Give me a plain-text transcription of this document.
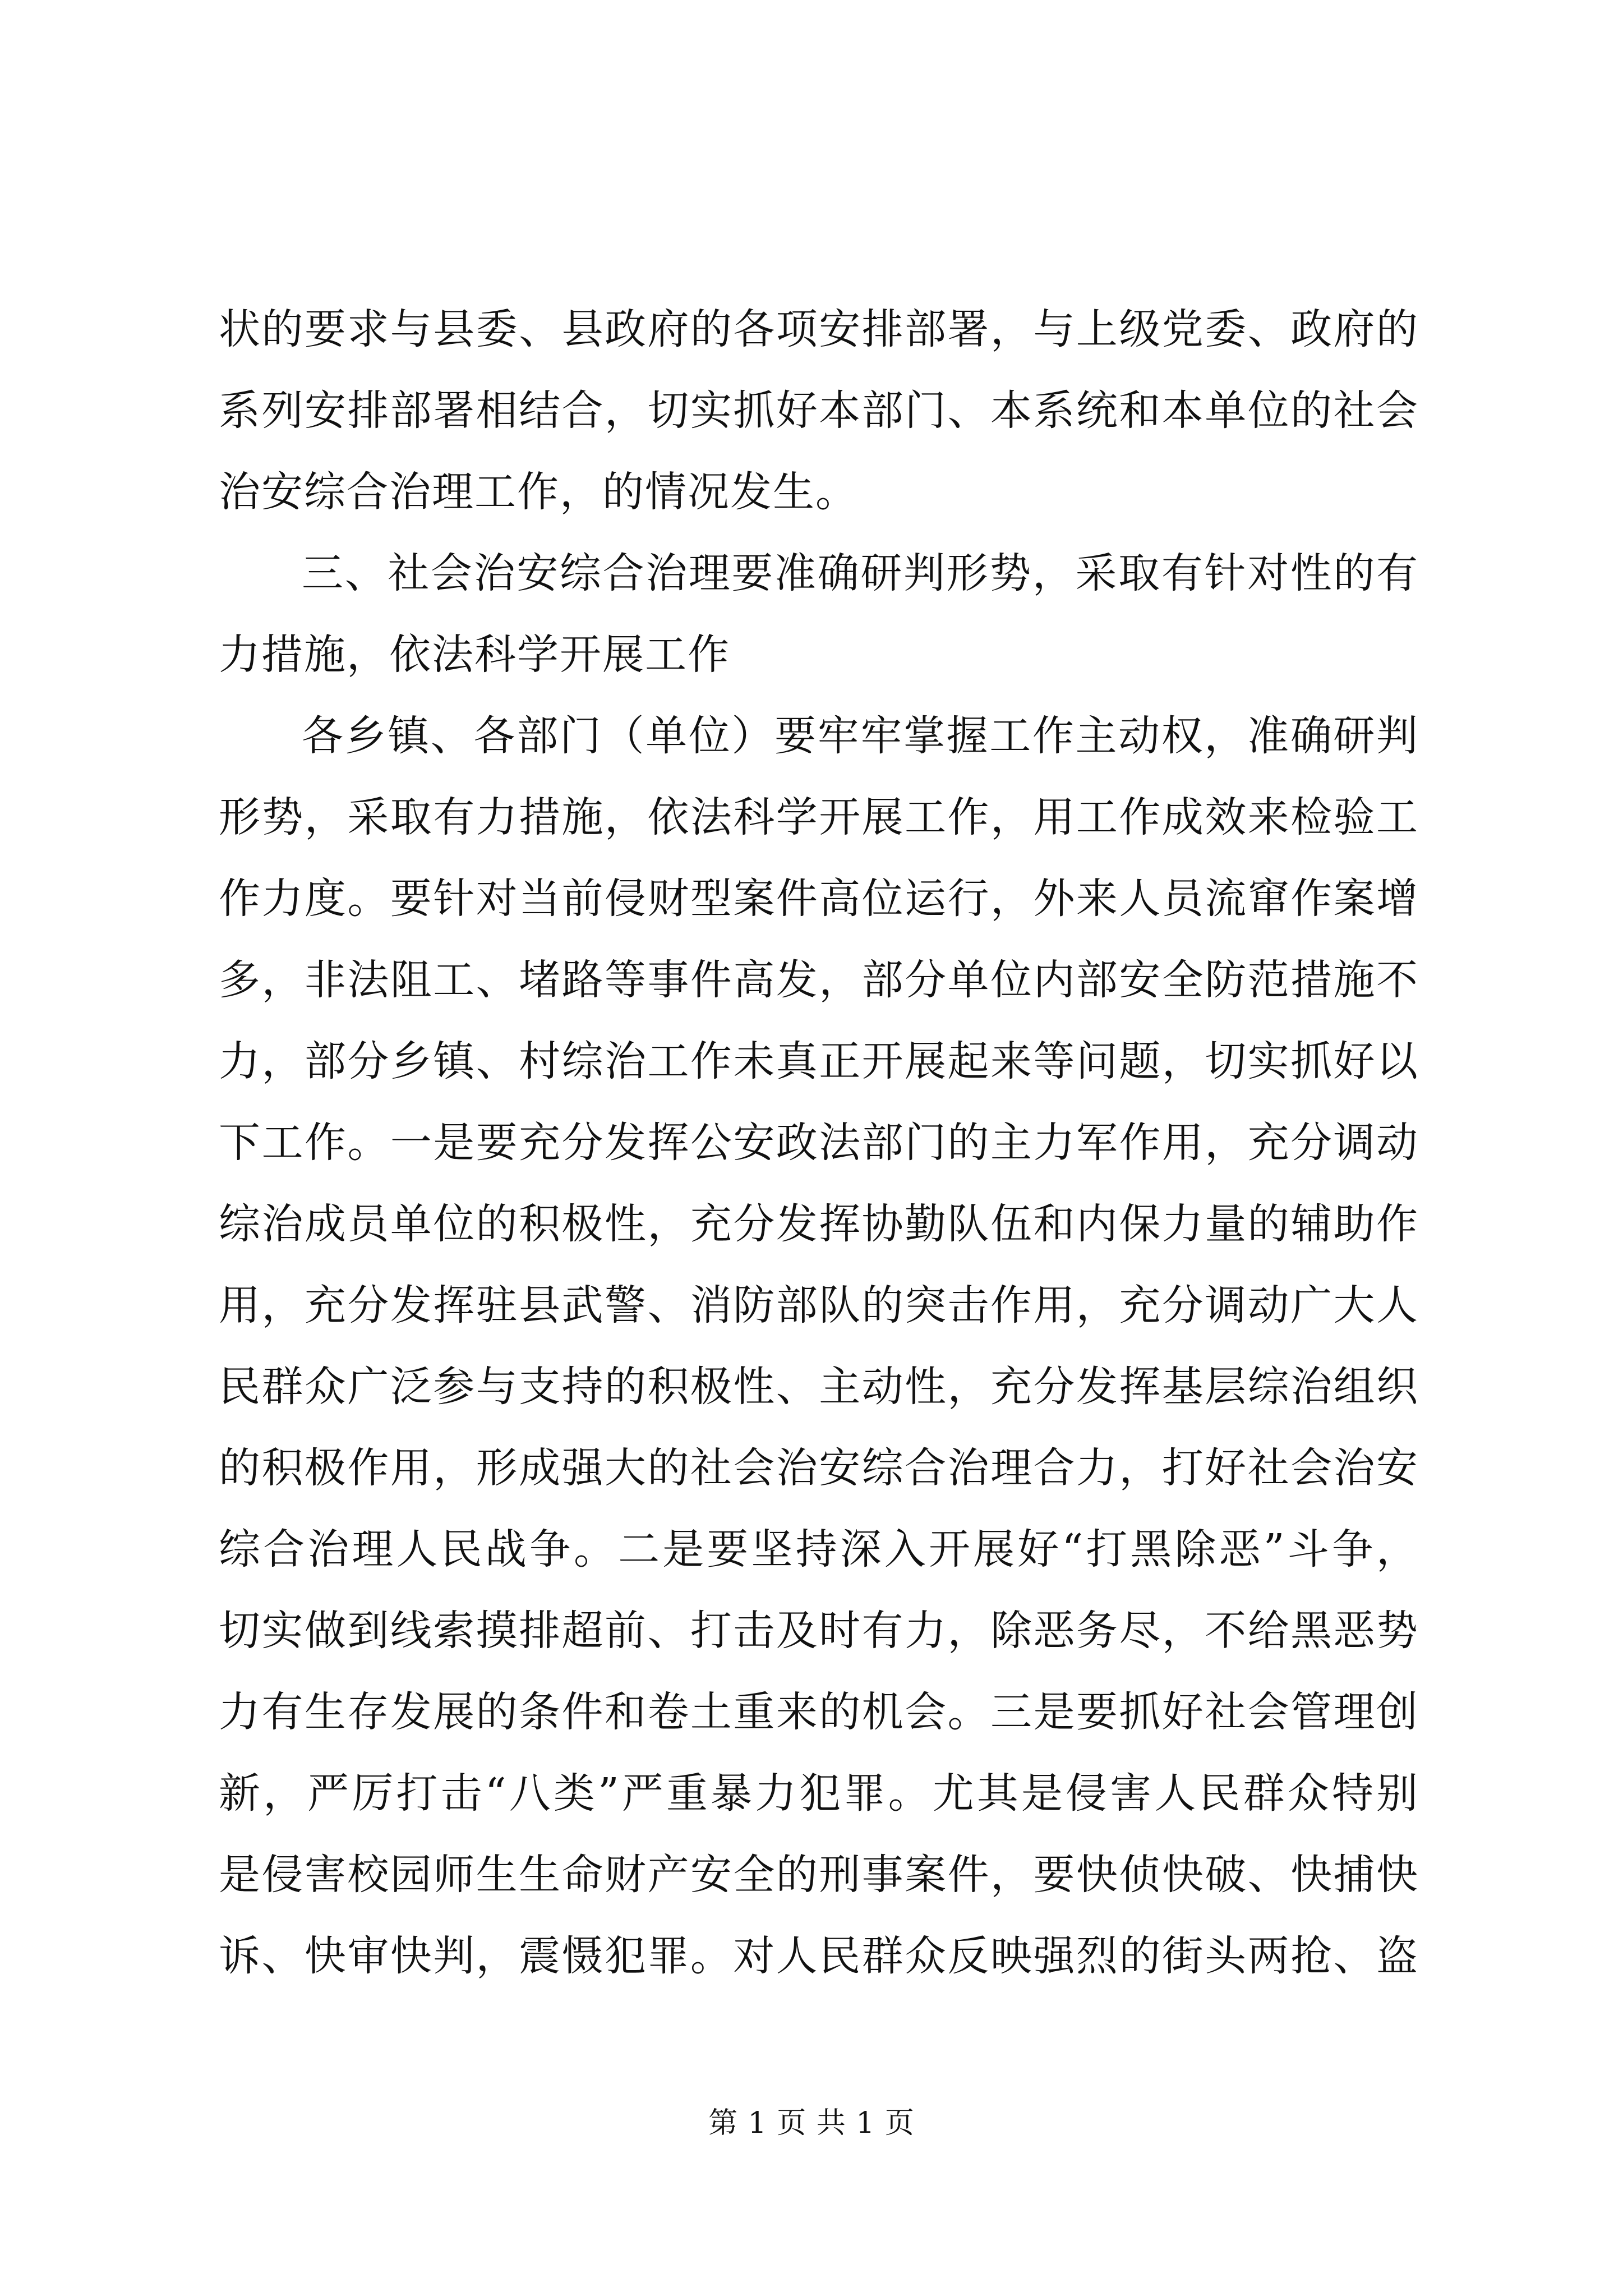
状的要求与县委、县政府的各项安排部署，与上级党委、政府的
系列安排部署相结合，切实抓好本部门、本系统和本单位的社会
治安综合治理工作，的情况发生。
三、社会治安综合治理要准确研判形势，采取有针对性的有
力措施，依法科学开展工作
各乡镇、各部门（单位）要牢牢掌握工作主动权，准确研判
形势，采取有力措施，依法科学开展工作，用工作成效来检验工
作力度。要针对当前侵财型案件高位运行，外来人员流窜作案增
多，非法阻工、堵路等事件高发，部分单位内部安全防范措施不
力，部分乡镇、村综治工作未真正开展起来等问题，切实抓好以
下工作。一是要充分发挥公安政法部门的主力军作用，充分调动
综治成员单位的积极性，充分发挥协勤队伍和内保力量的辅助作
用，充分发挥驻县武警、消防部队的突击作用，充分调动广大人
民群众广泛参与支持的积极性、主动性，充分发挥基层综治组织
的积极作用，形成强大的社会治安综合治理合力，打好社会治安
综合治理人民战争。二是要坚持深入开展好“打黑除恶”斗争，
切实做到线索摸排超前、打击及时有力，除恶务尽，不给黑恶势
力有生存发展的条件和卷土重来的机会。三是要抓好社会管理创
新，严厉打击“八类”严重暴力犯罪。尤其是侵害人民群众特别
是侵害校园师生生命财产安全的刑事案件，要快侦快破、快捕快
诉、快审快判，震慑犯罪。对人民群众反映强烈的街头两抢、盗
第 1 页 共 1 页
